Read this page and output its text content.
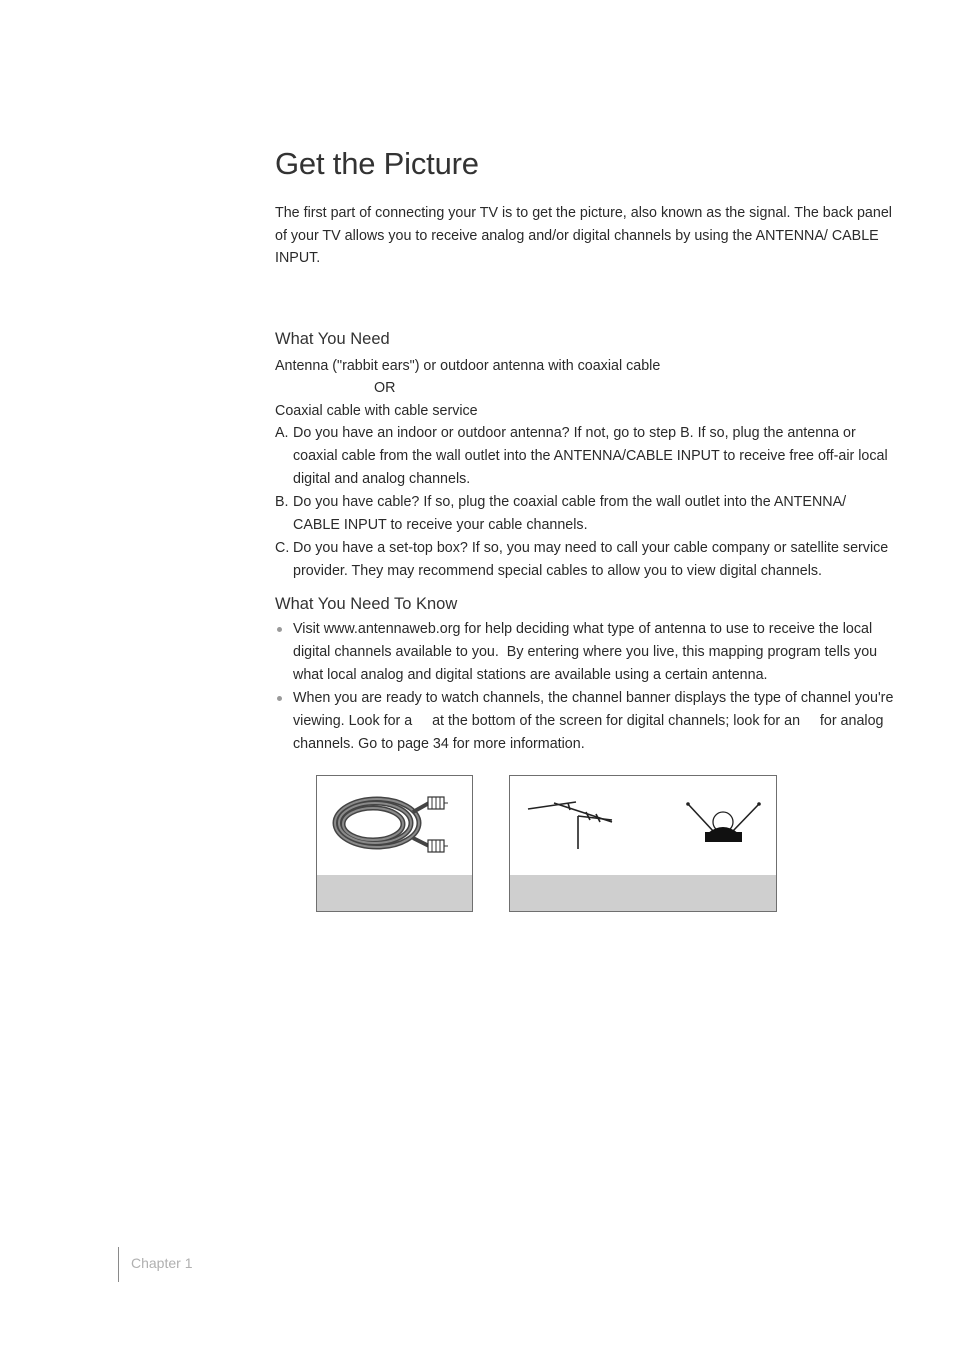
Get the Picture

The first part of connecting your TV is to get the picture, also known as the signal. The back panel of your TV allows you to receive analog and/or digital channels by using the ANTENNA/ CABLE INPUT.

What You Need

Antenna ("rabbit ears") or outdoor antenna with coaxial cable

OR

Coaxial cable with cable service

A. Do you have an indoor or outdoor antenna? If not, go to step B. If so, plug the antenna or coaxial cable from the wall outlet into the ANTENNA/CABLE INPUT to receive free off-air local digital and analog channels.
B. Do you have cable? If so, plug the coaxial cable from the wall outlet into the ANTENNA/ CABLE INPUT to receive your cable channels.
C. Do you have a set-top box? If so, you may need to call your cable company or satellite service provider. They may recommend special cables to allow you to view digital channels.
What You Need To Know
Visit www.antennaweb.org for help deciding what type of antenna to use to receive the local digital channels available to you.  By entering where you live, this mapping program tells you what local analog and digital stations are available using a certain antenna.
When you are ready to watch channels, the channel banner displays the type of channel you're viewing. Look for a     at the bottom of the screen for digital channels; look for an     for analog channels. Go to page 34 for more information.
Chapter 1
